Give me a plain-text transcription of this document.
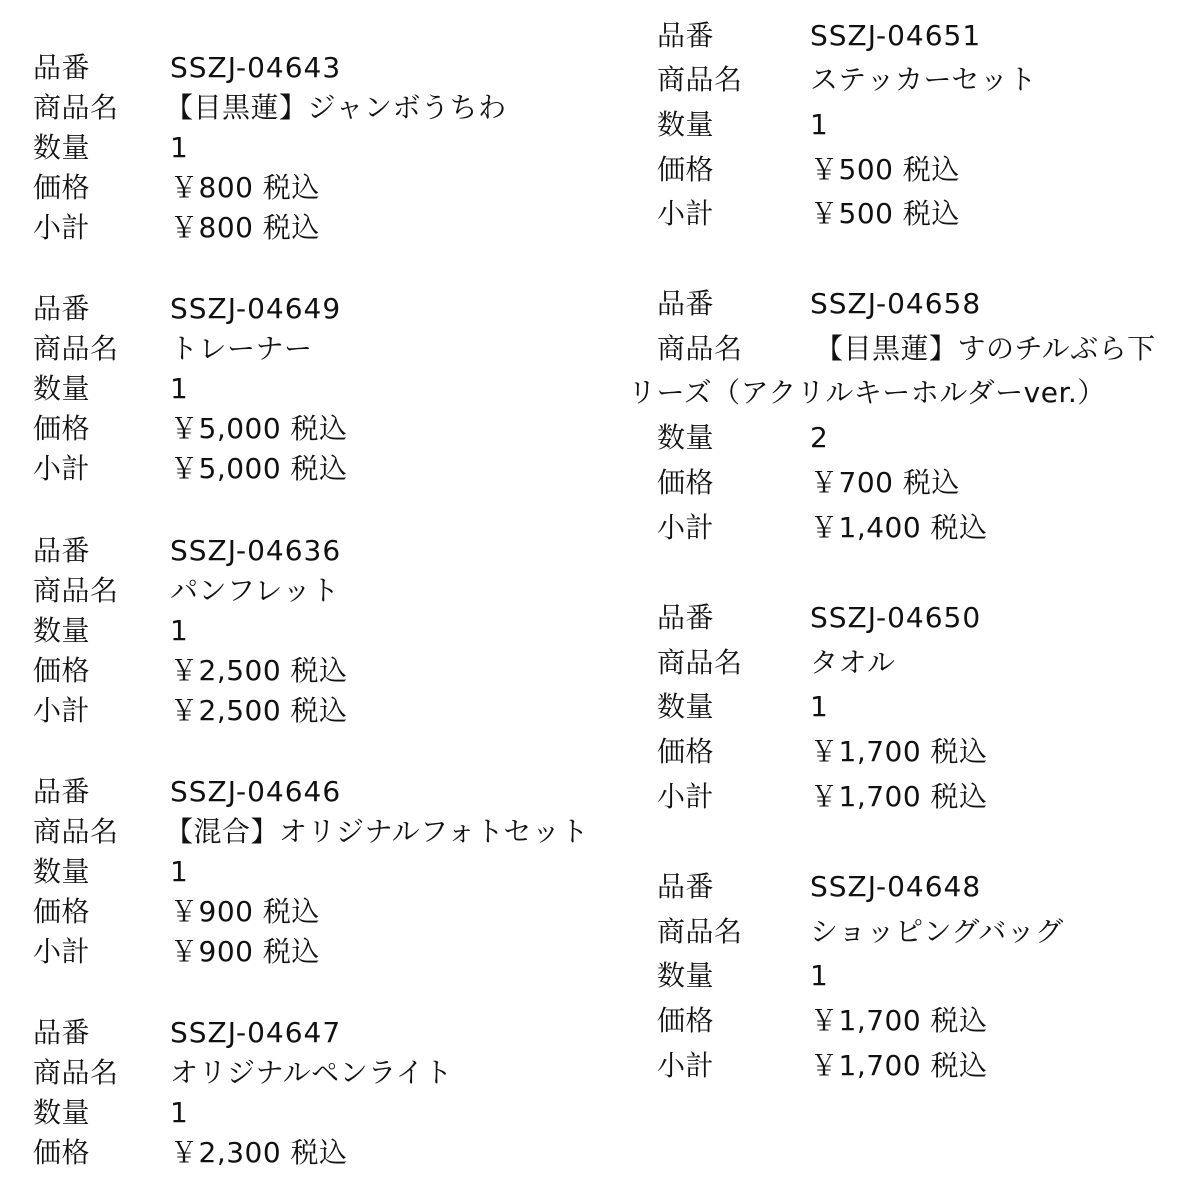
品番	SSZJ-04643
商品名 【目黒蓮】ジャンボうちわ
数量	1
価格	￥800 税込
小計	￥800 税込
品番	SSZJ-04649
商品名 トレーナー
数量	1
価格	￥5,000 税込
小計	￥5,000 税込
品番	SSZJ-04636
商品名 パンフレット
数量	1
価格	￥2,500 税込
小計	￥2,500 税込
品番	SSZJ-04646
商品名 【混合】オリジナルフォトセット
数量	1
価格	￥900 税込
小計	￥900 税込
品番	SSZJ-04647
商品名 オリジナルペンライト
数量	1
価格	￥2,300 税込
品番	SSZJ-04651
商品名 ステッカーセット
数量	1
価格	￥500 税込
小計	￥500 税込
品番	SSZJ-04658
商品名	【目黒蓮】すのチルぶら下
リーズ（アクリルキーホルダーver.）
数量	2
価格	￥700 税込
小計	￥1,400 税込
品番	SSZJ-04650
商品名 タオル
数量	1
価格	￥1,700 税込
小計	￥1,700 税込
品番	SSZJ-04648
商品名 ショッピングバッグ
数量	1
価格	￥1,700 税込
小計	￥1,700 税込
